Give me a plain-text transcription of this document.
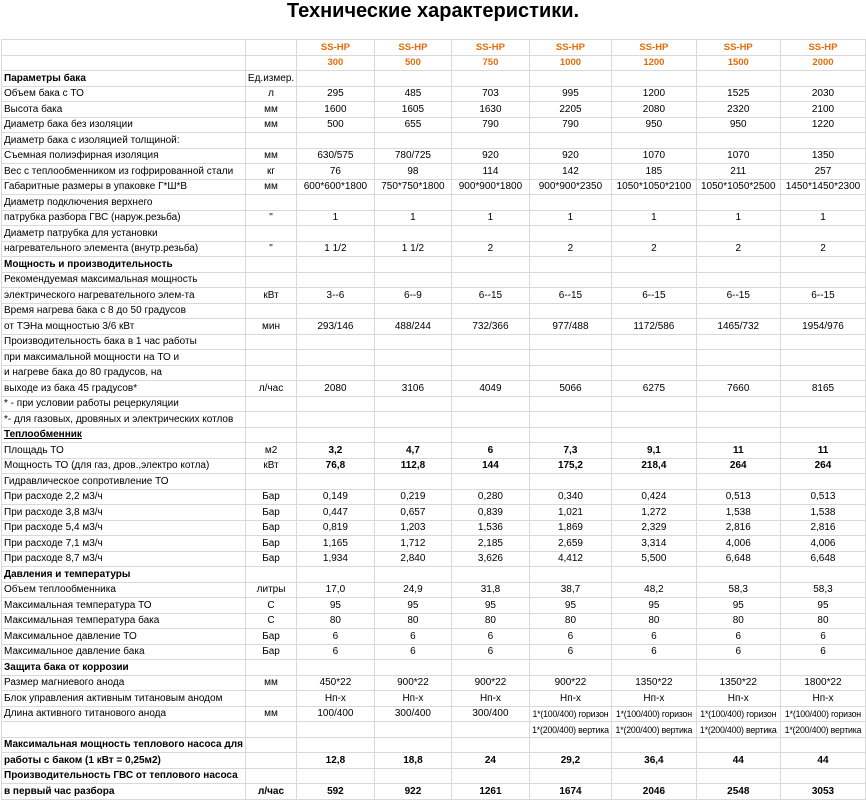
Технические характеристики.
		SS-HP	SS-HP	SS-HP	SS-HP	SS-HP	SS-HP	SS-HP
		300	500	750	1000	1200	1500	2000
Параметры бака	Ед.измер.							
Объем бака с ТО	л	295	485	703	995	1200	1525	2030
Высота бака	мм	1600	1605	1630	2205	2080	2320	2100
Диаметр бака без изоляции	мм	500	655	790	790	950	950	1220
Диаметр бака с изоляцией толщиной:								
Съемная полиэфирная изоляция	мм	630/575	780/725	920	920	1070	1070	1350
Вес с теплообменником из гофрированной стали	кг	76	98	114	142	185	211	257
Габаритные размеры в упаковке Г*Ш*В	мм	600*600*1800	750*750*1800	900*900*1800	900*900*2350	1050*1050*2100	1050*1050*2500	1450*1450*2300
Диаметр подключения верхнего								
патрубка разбора ГВС (наруж.резьба)	"	1	1	1	1	1	1	1
Диаметр патрубка для установки								
нагревательного элемента (внутр.резьба)	"	1 1/2	1 1/2	2	2	2	2	2
Мощность и производительность								
Рекомендуемая максимальная мощность								
электрического нагревательного элем-та	кВт	3--6	6--9	6--15	6--15	6--15	6--15	6--15
Время нагрева бака с 8 до 50 градусов								
от ТЭНа мощностью 3/6 кВт	мин	293/146	488/244	732/366	977/488	1172/586	1465/732	1954/976
Производительность бака в 1 час работы								
при максимальной мощности на ТО и								
и нагреве бака до 80 градусов, на								
выходе из бака 45 градусов*	л/час	2080	3106	4049	5066	6275	7660	8165
* - при условии работы рецеркуляции								
*- для газовых, дровяных и электрических котлов								
Теплообменник								
Площадь ТО	м2	3,2	4,7	6	7,3	9,1	11	11
Мощность ТО (для газ, дров.,электро котла)	кВт	76,8	112,8	144	175,2	218,4	264	264
Гидравлическое сопротивление ТО								
При расходе 2,2 м3/ч	Бар	0,149	0,219	0,280	0,340	0,424	0,513	0,513
При расходе 3,8 м3/ч	Бар	0,447	0,657	0,839	1,021	1,272	1,538	1,538
При расходе 5,4 м3/ч	Бар	0,819	1,203	1,536	1,869	2,329	2,816	2,816
При расходе 7,1 м3/ч	Бар	1,165	1,712	2,185	2,659	3,314	4,006	4,006
При расходе 8,7 м3/ч	Бар	1,934	2,840	3,626	4,412	5,500	6,648	6,648
Давления и температуры								
Объем теплообменника	литры	17,0	24,9	31,8	38,7	48,2	58,3	58,3
Максимальная температура ТО	С	95	95	95	95	95	95	95
Максимальная температура бака	С	80	80	80	80	80	80	80
Максимальное давление ТО	Бар	6	6	6	6	6	6	6
Максимальное давление бака	Бар	6	6	6	6	6	6	6
Защита бака от коррозии								
Размер магниевого анода	мм	450*22	900*22	900*22	900*22	1350*22	1350*22	1800*22
Блок управления активным титановым анодом		Нп-х	Нп-х	Нп-х	Нп-х	Нп-х	Нп-х	Нп-х
Длина активного титанового анода	мм	100/400	300/400	300/400	1*(100/400) горизон	1*(100/400) горизон	1*(100/400) горизон	1*(100/400) горизон
					1*(200/400) вертика	1*(200/400) вертика	1*(200/400) вертика	1*(200/400) вертика
Максимальная мощность теплового насоса для								
работы с баком (1 кВт = 0,25м2)		12,8	18,8	24	29,2	36,4	44	44
Производительность ГВС от теплового насоса								
в первый час разбора	л/час	592	922	1261	1674	2046	2548	3053
